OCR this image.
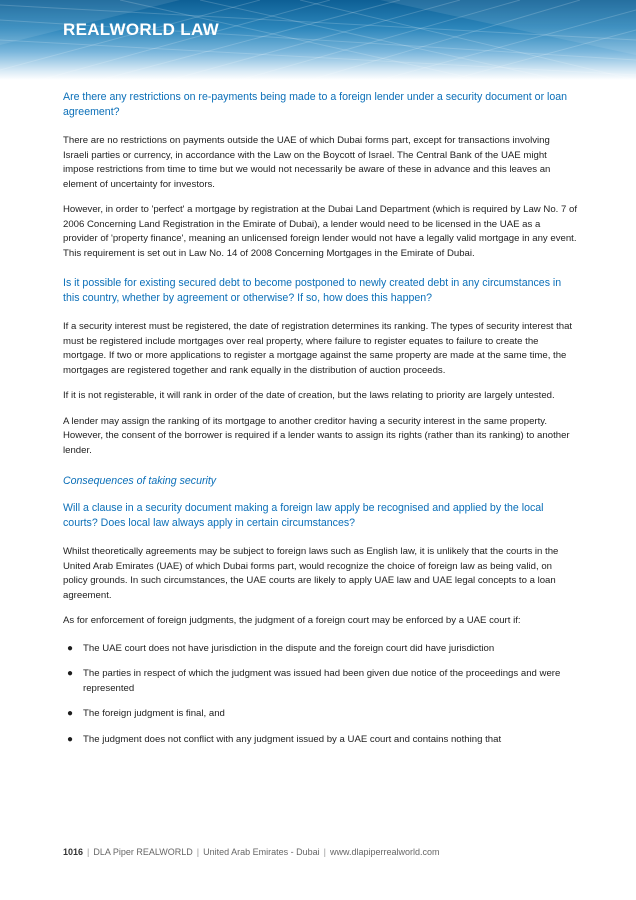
REALWORLD LAW
Are there any restrictions on re-payments being made to a foreign lender under a security document or loan agreement?

There are no restrictions on payments outside the UAE of which Dubai forms part, except for transactions involving Israeli parties or currency, in accordance with the Law on the Boycott of Israel. The Central Bank of the UAE might impose restrictions from time to time but we would not necessarily be aware of these in advance and this leaves an element of uncertainty for investors.

However, in order to 'perfect' a mortgage by registration at the Dubai Land Department (which is required by Law No. 7 of 2006 Concerning Land Registration in the Emirate of Dubai), a lender would need to be licensed in the UAE as a provider of 'property finance', meaning an unlicensed foreign lender would not have a legally valid mortgage in any event. This requirement is set out in Law No. 14 of 2008 Concerning Mortgages in the Emirate of Dubai.

Is it possible for existing secured debt to become postponed to newly created debt in any circumstances in this country, whether by agreement or otherwise? If so, how does this happen?

If a security interest must be registered, the date of registration determines its ranking. The types of security interest that must be registered include mortgages over real property, where failure to register equates to failure to create the mortgage. If two or more applications to register a mortgage against the same property are made at the same time, the mortgages are registered together and rank equally in the distribution of auction proceeds.

If it is not registerable, it will rank in order of the date of creation, but the laws relating to priority are largely untested.

A lender may assign the ranking of its mortgage to another creditor having a security interest in the same property. However, the consent of the borrower is required if a lender wants to assign its rights (rather than its ranking) to another lender.

Consequences of taking security
Will a clause in a security document making a foreign law apply be recognised and applied by the local courts? Does local law always apply in certain circumstances?

Whilst theoretically agreements may be subject to foreign laws such as English law, it is unlikely that the courts in the United Arab Emirates (UAE) of which Dubai forms part, would recognize the choice of foreign law as being valid, on policy grounds. In such circumstances, the UAE courts are likely to apply UAE law and UAE legal concepts to a loan agreement.

As for enforcement of foreign judgments, the judgment of a foreign court may be enforced by a UAE court if:

● The UAE court does not have jurisdiction in the dispute and the foreign court did have jurisdiction
● The parties in respect of which the judgment was issued had been given due notice of the proceedings and were represented
● The foreign judgment is final, and
● The judgment does not conflict with any judgment issued by a UAE court and contains nothing that
1016 | DLA Piper REALWORLD | United Arab Emirates - Dubai | www.dlapiperrealworld.com
